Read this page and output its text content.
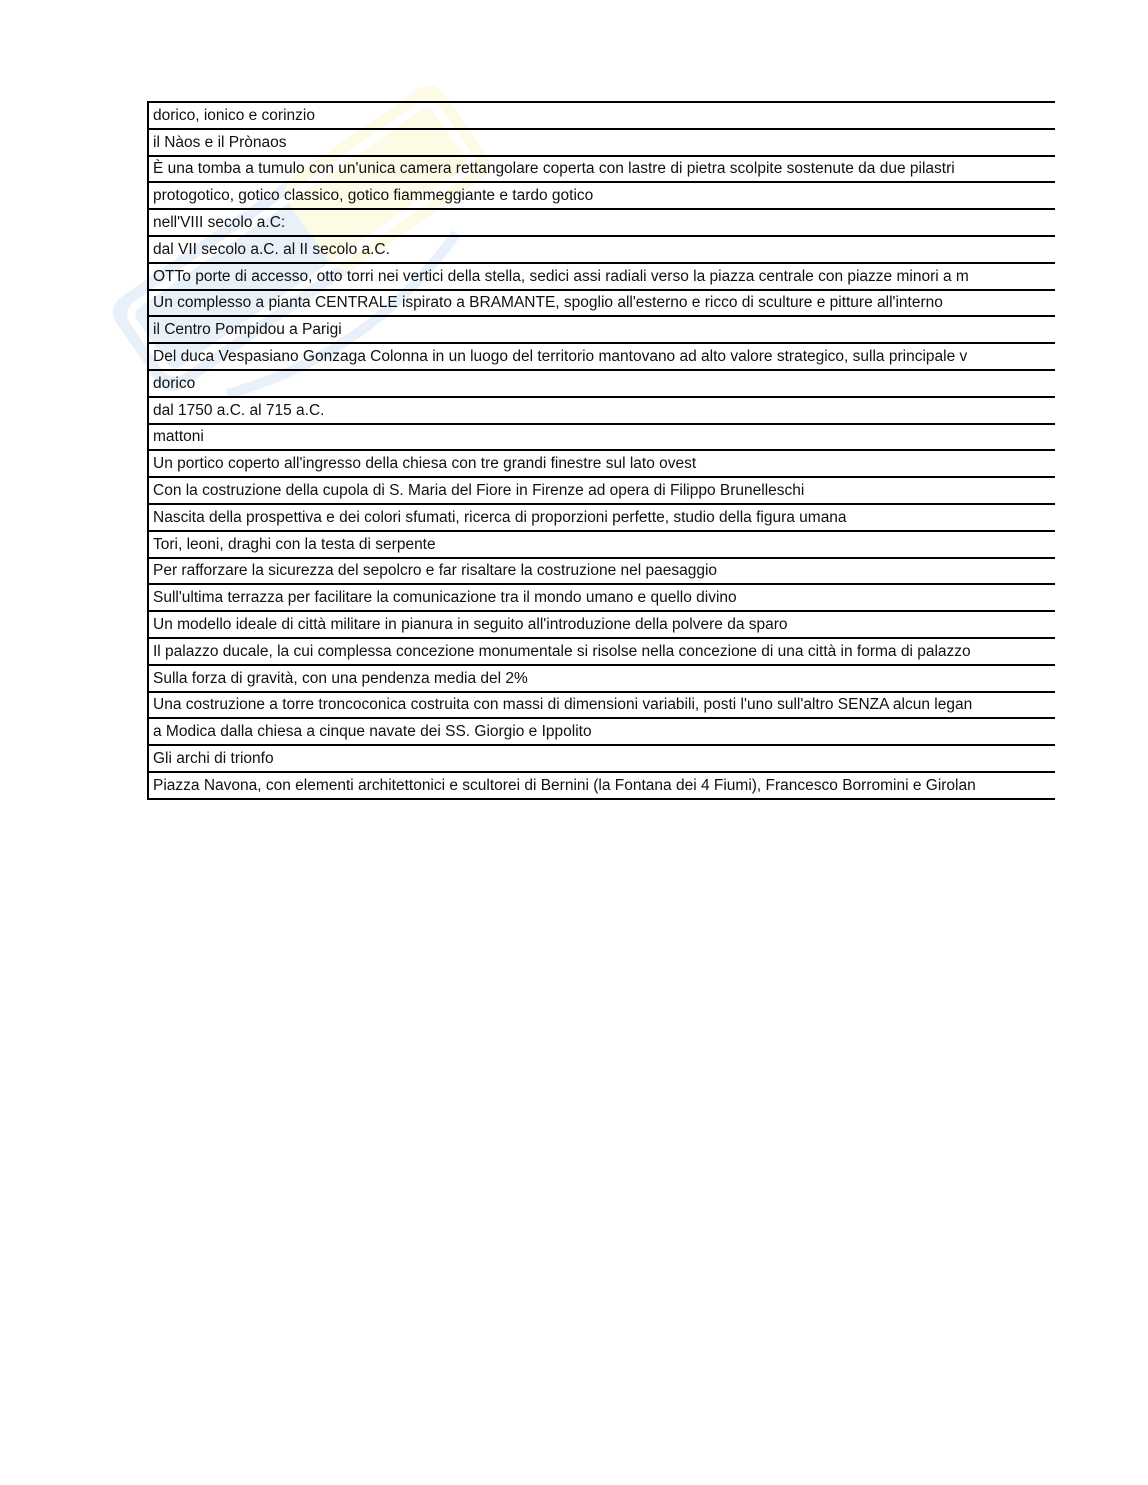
dorico, ionico e corinzio
il Nàos e il Prònaos
È una tomba a tumulo con un'unica camera rettangolare coperta con lastre di pietra scolpite sostenute da due pilastri
protogotico, gotico classico, gotico fiammeggiante e tardo gotico
nell'VIII secolo a.C:
dal VII secolo a.C. al II secolo a.C.
OTTo porte di accesso, otto torri nei vertici della stella, sedici assi radiali verso la piazza centrale con piazze minori a m
Un complesso a pianta CENTRALE ispirato a BRAMANTE, spoglio all'esterno e ricco di sculture e pitture all'interno
il Centro Pompidou a Parigi
Del duca Vespasiano Gonzaga Colonna in un luogo del territorio mantovano ad alto valore strategico, sulla principale v
dorico
dal 1750 a.C. al 715 a.C.
mattoni
Un portico coperto all'ingresso della chiesa con tre grandi finestre sul lato ovest
Con la costruzione della cupola di S. Maria del Fiore in Firenze ad opera di Filippo Brunelleschi
Nascita della prospettiva e dei colori sfumati, ricerca di proporzioni perfette, studio della figura umana
Tori, leoni, draghi con la testa di serpente
Per rafforzare la sicurezza del sepolcro e far risaltare la costruzione nel paesaggio
Sull'ultima terrazza per facilitare la comunicazione tra il mondo umano e quello divino
Un modello ideale di città militare in pianura in seguito all'introduzione della polvere da sparo
Il palazzo ducale, la cui complessa concezione monumentale si risolse nella concezione di una città in forma di palazzo
Sulla forza di gravità, con una pendenza media del 2%
Una costruzione a torre troncoconica costruita con massi di dimensioni variabili, posti l'uno sull'altro SENZA alcun legan
a Modica dalla chiesa a cinque navate dei SS. Giorgio e Ippolito
Gli archi di trionfo
Piazza Navona, con elementi architettonici e scultorei di Bernini (la Fontana dei 4 Fiumi), Francesco Borromini e Girolan
